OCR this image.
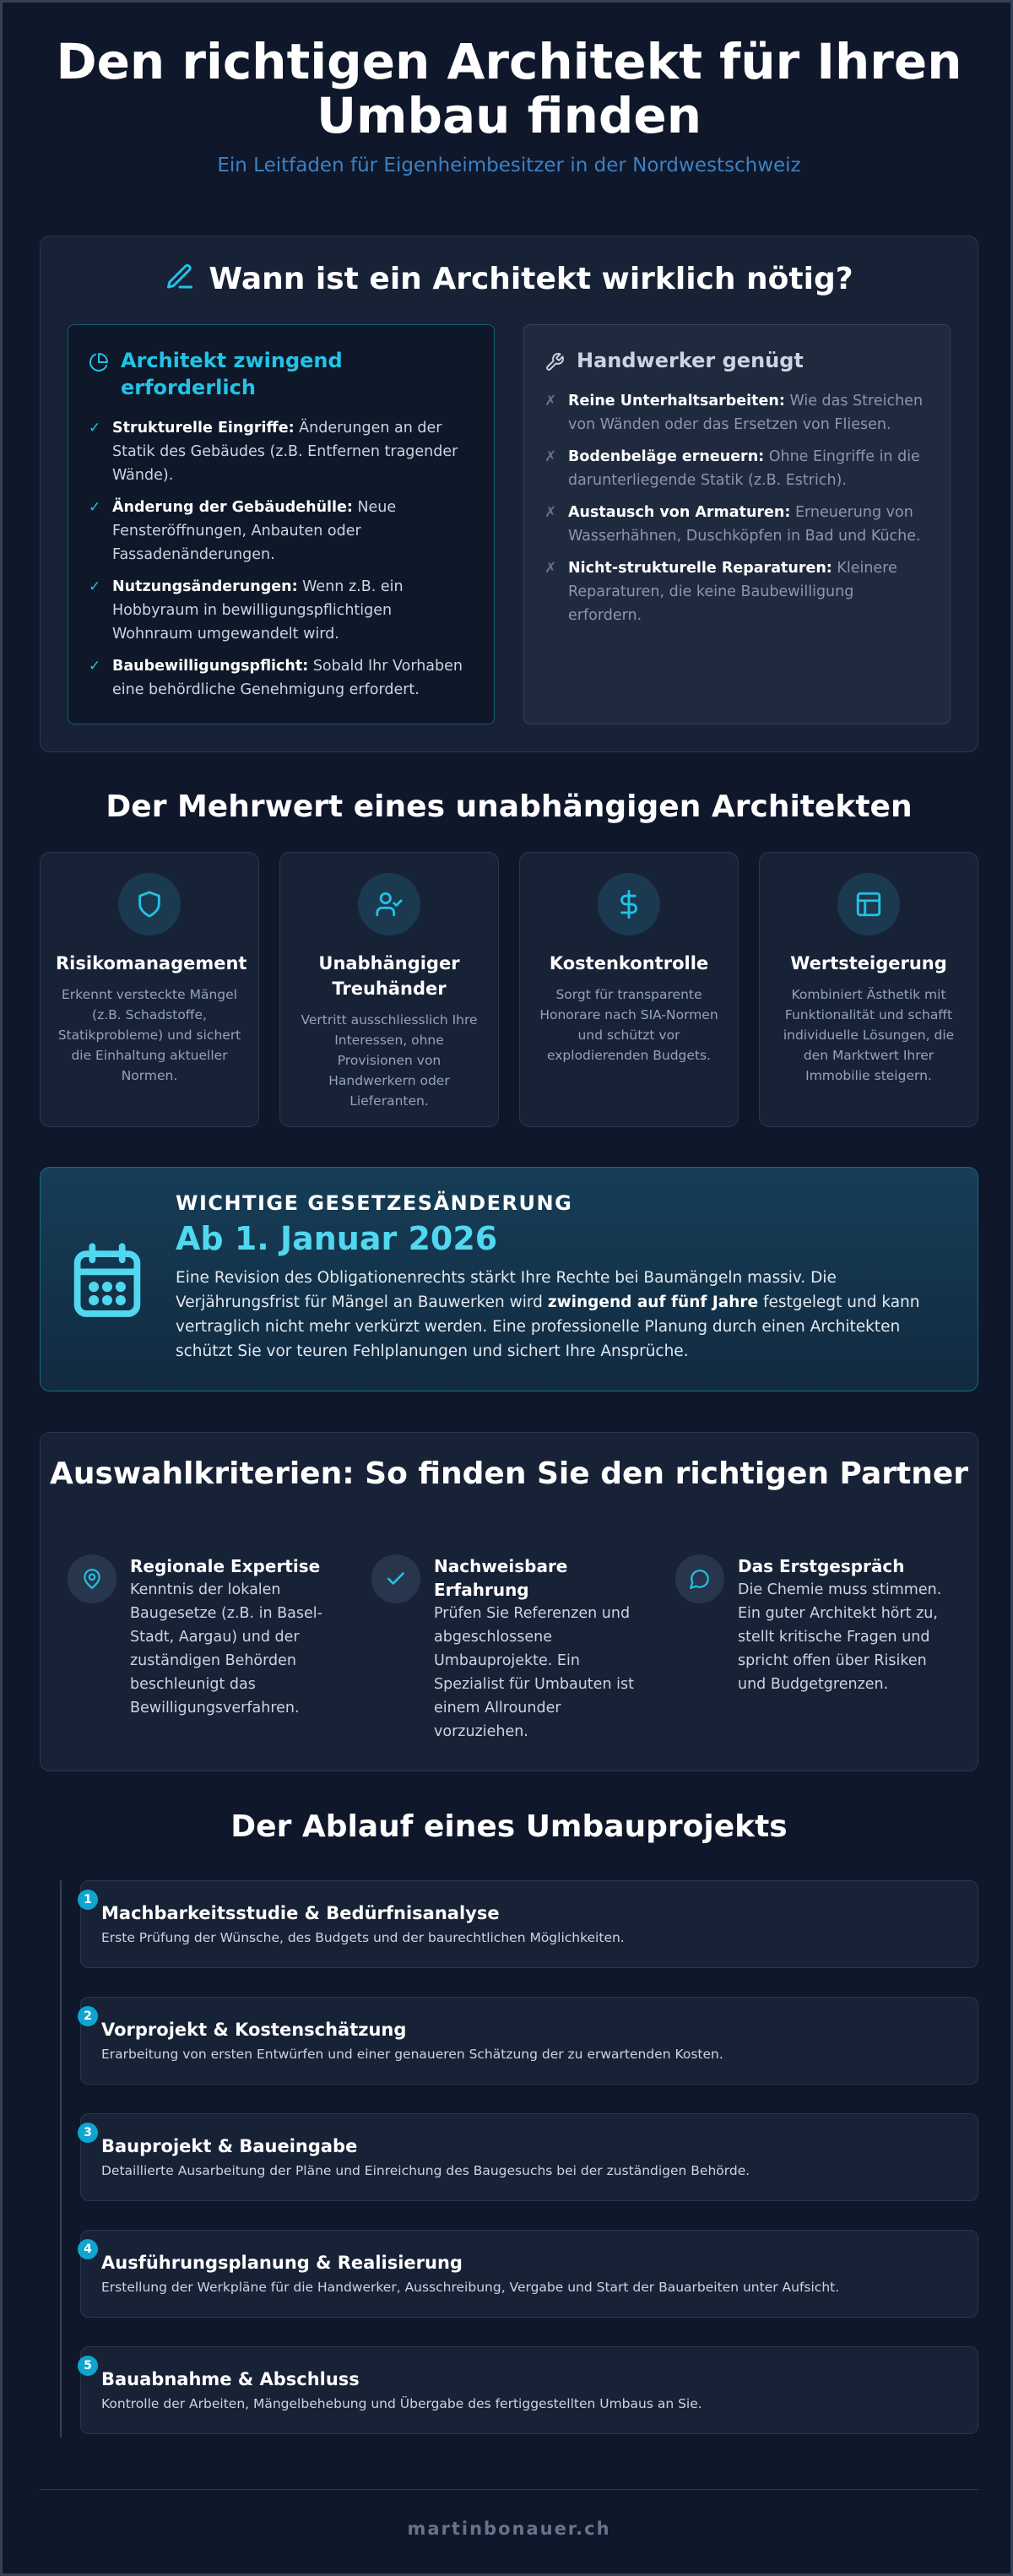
Den richtigen Architekt für Ihren Umbau finden
Ein Leitfaden für Eigenheimbesitzer in der Nordwestschweiz
Wann ist ein Architekt wirklich nötig?
Architekt zwingend erforderlich
✓ Strukturelle Eingriffe: Änderungen an der Statik des Gebäudes (z.B. Entfernen tragender Wände).
✓ Änderung der Gebäudehülle: Neue Fensteröffnungen, Anbauten oder Fassadenänderungen.
✓ Nutzungsänderungen: Wenn z.B. ein Hobbyraum in bewilligungspflichtigen Wohnraum umgewandelt wird.
✓ Baubewilligungspflicht: Sobald Ihr Vorhaben eine behördliche Genehmigung erfordert.
Handwerker genügt
✗ Reine Unterhaltsarbeiten: Wie das Streichen von Wänden oder das Ersetzen von Fliesen.
✗ Bodenbeläge erneuern: Ohne Eingriffe in die darunterliegende Statik (z.B. Estrich).
✗ Austausch von Armaturen: Erneuerung von Wasserhähnen, Duschköpfen in Bad und Küche.
✗ Nicht-strukturelle Reparaturen: Kleinere Reparaturen, die keine Baubewilligung erfordern.
Der Mehrwert eines unabhängigen Architekten
Risikomanagement

Erkennt versteckte Mängel (z.B. Schadstoffe, Statikprobleme) und sichert die Einhaltung aktueller Normen.

Unabhängiger Treuhänder

Vertritt ausschliesslich Ihre Interessen, ohne Provisionen von Handwerkern oder Lieferanten.

Kostenkontrolle

Sorgt für transparente Honorare nach SIA-Normen und schützt vor explodierenden Budgets.

Wertsteigerung

Kombiniert Ästhetik mit Funktionalität und schafft individuelle Lösungen, die den Marktwert Ihrer Immobilie steigern.

WICHTIGE GESETZESÄNDERUNG
Ab 1. Januar 2026
Eine Revision des Obligationenrechts stärkt Ihre Rechte bei Baumängeln massiv. Die Verjährungsfrist für Mängel an Bauwerken wird zwingend auf fünf Jahre festgelegt und kann vertraglich nicht mehr verkürzt werden. Eine professionelle Planung durch einen Architekten schützt Sie vor teuren Fehlplanungen und sichert Ihre Ansprüche.
Auswahlkriterien: So finden Sie den richtigen Partner
Regionale Expertise

Kenntnis der lokalen Baugesetze (z.B. in Basel-Stadt, Aargau) und der zuständigen Behörden beschleunigt das Bewilligungsverfahren.

Nachweisbare Erfahrung

Prüfen Sie Referenzen und abgeschlossene Umbauprojekte. Ein Spezialist für Umbauten ist einem Allrounder vorzuziehen.

Das Erstgespräch

Die Chemie muss stimmen. Ein guter Architekt hört zu, stellt kritische Fragen und spricht offen über Risiken und Budgetgrenzen.

Der Ablauf eines Umbauprojekts
1
Machbarkeitsstudie & Bedürfnisanalyse

Erste Prüfung der Wünsche, des Budgets und der baurechtlichen Möglichkeiten.

2
Vorprojekt & Kostenschätzung

Erarbeitung von ersten Entwürfen und einer genaueren Schätzung der zu erwartenden Kosten.

3
Bauprojekt & Baueingabe

Detaillierte Ausarbeitung der Pläne und Einreichung des Baugesuchs bei der zuständigen Behörde.

4
Ausführungsplanung & Realisierung

Erstellung der Werkpläne für die Handwerker, Ausschreibung, Vergabe und Start der Bauarbeiten unter Aufsicht.

5
Bauabnahme & Abschluss

Kontrolle der Arbeiten, Mängelbehebung und Übergabe des fertiggestellten Umbaus an Sie.

martinbonauer.ch
